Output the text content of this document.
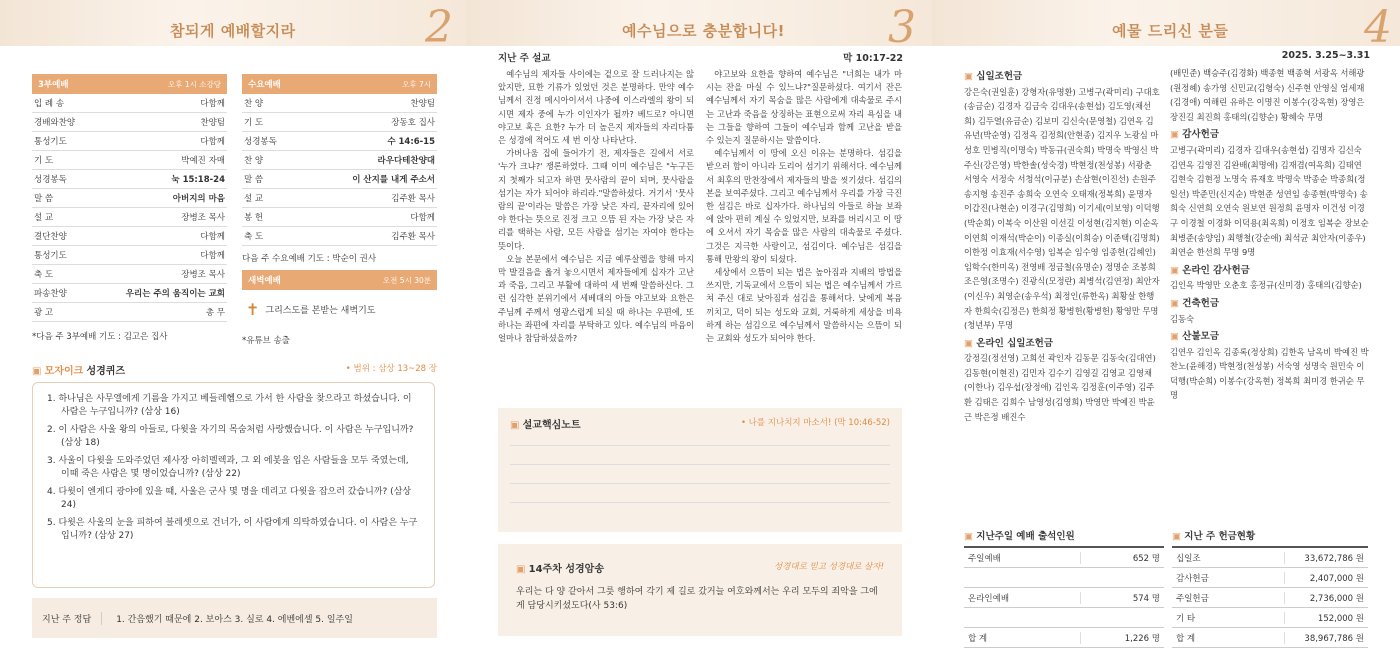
참되게 예배할지라	2
3부예배	오후 1시 소강당
입 례 송	다함께
경배와찬양	찬양팀
통성기도	다함께
기 도	박예진 자매
성경봉독	눅 15:18-24
말 씀	아버지의 마음
설 교	장병조 목사
결단찬양	다함께
통성기도	다함께
축 도	장병조 목사
파송찬양	우리는 주의 움직이는 교회
광 고	총 무
*다음 주 3부예배 기도 : 김고은 집사
수요예배	오후 7시
찬 양	찬양팀
기 도	장동호 집사
성경봉독	수 14:6-15
찬 양	라우다테찬양대
말 씀	이 산지를 내게 주소서
설 교	김주환 목사
봉 헌	다함께
축 도	김주환 목사
다음 주 수요예배 기도 : 박순이 권사
새벽예배	오전 5시 30분
✝ 그리스도를 본받는 새벽기도
*유튜브 송출
▣ 모자이크 성경퀴즈	• 범위 : 삼상 13~28 장
1. 하나님은 사무엘에게 기름을 가지고 베들레헴으로 가서 한 사람을 찾으라고 하셨습니다. 이 사람은 누구입니까? (삼상 16)
2. 이 사람은 사울 왕의 아들로, 다윗을 자기의 목숨처럼 사랑했습니다. 이 사람은 누구입니까? (삼상 18)
3. 사울이 다윗을 도와주었던 제사장 아히멜렉과, 그 외 에봇을 입은 사람들을 모두 죽였는데, 이때 죽은 사람은 몇 명이었습니까? (삼상 22)
4. 다윗이 엔게디 광야에 있을 때, 사울은 군사 몇 명을 데리고 다윗을 잡으러 갔습니까? (삼상 24)
5. 다윗은 사울의 눈을 피하여 블레셋으로 건너가, 이 사람에게 의탁하였습니다. 이 사람은 누구입니까? (삼상 27)
지난 주 정답	1. 간음했기 때문에 2. 보아스 3. 실로 4. 에벤에셀 5. 일주일
예수님으로 충분합니다! 3
지난 주 설교	막 10:17-22

예수님의 제자들 사이에는 겉으로 잘 드러나지는 않았지만, 묘한 기류가 있었던 것은 분명하다. 만약 예수님께서 진정 메시아이셔서 나중에 이스라엘의 왕이 되시면 제자 중에 누가 이인자가 될까? 베드로? 아니면 야고보 혹은 요한? 누가 더 높은지 제자들의 자리다툼은 성경에 적어도 세 번 이상 나타난다.

가버나움 집에 들어가기 전, 제자들은 길에서 서로 '누가 크냐?' 쟁론하였다. 그때 이미 예수님은 "누구든지 첫째가 되고자 하면 뭇사람의 끝이 되며, 뭇사람을 섬기는 자가 되어야 하리라."말씀하셨다. 거기서 '뭇사람의 끝'이라는 말씀은 가장 낮은 자리, 끝자리에 있어야 한다는 뜻으로 진정 크고 으뜸 된 자는 가장 낮은 자리를 택하는 사람, 모든 사람을 섬기는 자여야 한다는 뜻이다.

오늘 본문에서 예수님은 지금 예루살렘을 향해 마지막 발걸음을 옮겨 놓으시면서 제자들에게 십자가 고난과 죽음, 그리고 부활에 대하여 세 번째 말씀하신다. 그런 심각한 분위기에서 세베대의 아들 야고보와 요한은 주님께 주께서 영광스럽게 되실 때 하나는 우편에, 또 하나는 좌편에 자리를 부탁하고 있다. 예수님의 마음이 얼마나 참담하셨을까?

야고보와 요한을 향하여 예수님은 "너희는 내가 마시는 잔을 마실 수 있느냐?"질문하셨다. 여기서 잔은 예수님께서 자기 목숨을 많은 사람에게 대속물로 주시는 고난과 죽음을 상징하는 표현으로써 자리 욕심을 내는 그들을 향하여 그들이 예수님과 함께 고난을 받을 수 있는지 질문하시는 말씀이다.

예수님께서 이 땅에 오신 이유는 분명하다. 섬김을 받으러 함이 아니라 도리어 섬기기 위해서다. 예수님께서 최후의 만찬장에서 제자들의 발을 씻기셨다. 섬김의 본을 보여주셨다. 그리고 예수님께서 우리를 가장 극진한 섬김은 바로 십자가다. 하나님의 아들로 하늘 보좌에 앉아 편히 계실 수 있었지만, 보좌를 버리시고 이 땅에 오셔서 자기 목숨을 많은 사람의 대속물로 주셨다. 그것은 지극한 사랑이고, 섬김이다. 예수님은 섬김을 통해 만왕의 왕이 되셨다.

세상에서 으뜸이 되는 법은 높아짐과 지배의 방법을 쓰지만, 기독교에서 으뜸이 되는 법은 예수님께서 가르쳐 주신 대로 낮아짐과 섬김을 통해서다. 낮에게 복음 끼치고, 덕이 되는 성도와 교회, 거룩하게 세상을 비욕하게 하는 섬김으로 예수님께서 말씀하시는 으뜸이 되는 교회와 성도가 되어야 한다.

▣ 설교핵심노트	• 나를 지나치지 마소서! (막 10:46-52)
▣ 14주차 성경암송	성경대로 믿고 성경대로 살자!
우리는 다 양 같아서 그릇 행하여 각기 제 길로 갔거늘 여호와께서는 우리 모두의 죄악을 그에게 담당시키셨도다(사 53:6)
예물 드리신 분들	4
2025. 3.25~3.31
▣ 십일조헌금
강은숙(권일훈) 강형자(유명환) 고병구(곽미리) 구대호(송금순) 김경자 김금숙 김대우(송현섭) 김도영(채선희) 김두열(유금순) 김보미 김신숙(문영철) 김연옥 김유년(박순영) 김정옥 김정희(안현종) 김지우 노광심 마성호 민병직(이명숙) 박동규(권숙희) 박명숙 박영신 박주신(강은영) 박한솔(성숙경) 박현정(천성봉) 서광춘 서영숙 서정숙 서청석(이규분) 손삼현(이진선) 손원주 송지형 송진주 송희숙 오연숙 오태재(정복희) 윤명자 이갑진(나현순) 이경구(김명희) 이기세(이보영) 이덕행(박순희) 이복숙 이산원 이선길 이성현(김지현) 이순옥 이연희 이재석(박순이) 이종실(이희승) 이준택(김명희) 이한정 이효재(서수영) 임복순 임수영 임종헌(김혜인) 임학수(한미옥) 전영배 정금철(유명순) 정명순 조봉희 조은영(조명수) 진광식(모정란) 최병석(김연정) 최안자(이신우) 최영순(송우석) 최정인(류한옥) 최황살 한행자 한희숙(김정은) 한희정 황병헌(황병헌) 황영만 무명(청년부) 무명
▣ 온라인 십일조헌금
강정길(정선영) 고희선 곽인자 김동문 김동숙(김대연) 김동현(이현진) 김민자 김수기 김영길 김영교 김영채(이한나) 김우섭(장정애) 김인옥 김정훈(이주영) 김주환 김태은 김희수 남영성(김영희) 박영만 박예진 박윤근 박은정 배진수
(배민준) 백승주(김경화) 백종현 백종혁 서광옥 서해광(원정혜) 송가영 신민교(김형숙) 신주현 안영실 엄세재(김경애) 여해린 유하은 이명진 이봉수(강옥현) 장영은 장진길 최진희 홍태의(김향순) 황혜숙 무명
▣ 감사헌금
고병구(곽미리) 김경자 김대우(송현섭) 김명자 김신숙 김연옥 김영진 김완배(최명애) 김재겸(여옥희) 김태연 김현숙 김현정 노명숙 류재호 박명숙 박종순 박종희(정일선) 박준민(신지순) 박현준 성연임 송종현(박명숙) 송희숙 신연희 오연숙 원보연 원정희 윤명자 이건성 이경구 이경철 이경화 이덕용(최옥희) 이정호 임복순 장보순 최병준(송양임) 최행철(강순애) 최석균 최안자(이종우) 최연순 한선희 무명 9명
▣ 온라인 감사헌금
김인옥 박영만 오춘호 홍정규(신미경) 홍태의(김향순)
▣ 건축헌금
김동숙
▣ 산불모금
김연우 김인옥 김종록(정상희) 김한옥 남옥비 박예진 박찬노(윤해경) 박현정(천성봉) 서숙영 성명숙 원민숙 이덕행(박순희) 이봉수(강옥현) 정복희 최미경 한귀순 무명
▣ 지난주일 예배 출석인원
주일예배	652 명
온라인예배	574 명
합 계	1,226 명
▣ 지난 주 헌금현황
십일조	33,672,786 원
감사헌금	2,407,000 원
주일헌금	2,736,000 원
기 타	152,000 원
합 계	38,967,786 원
